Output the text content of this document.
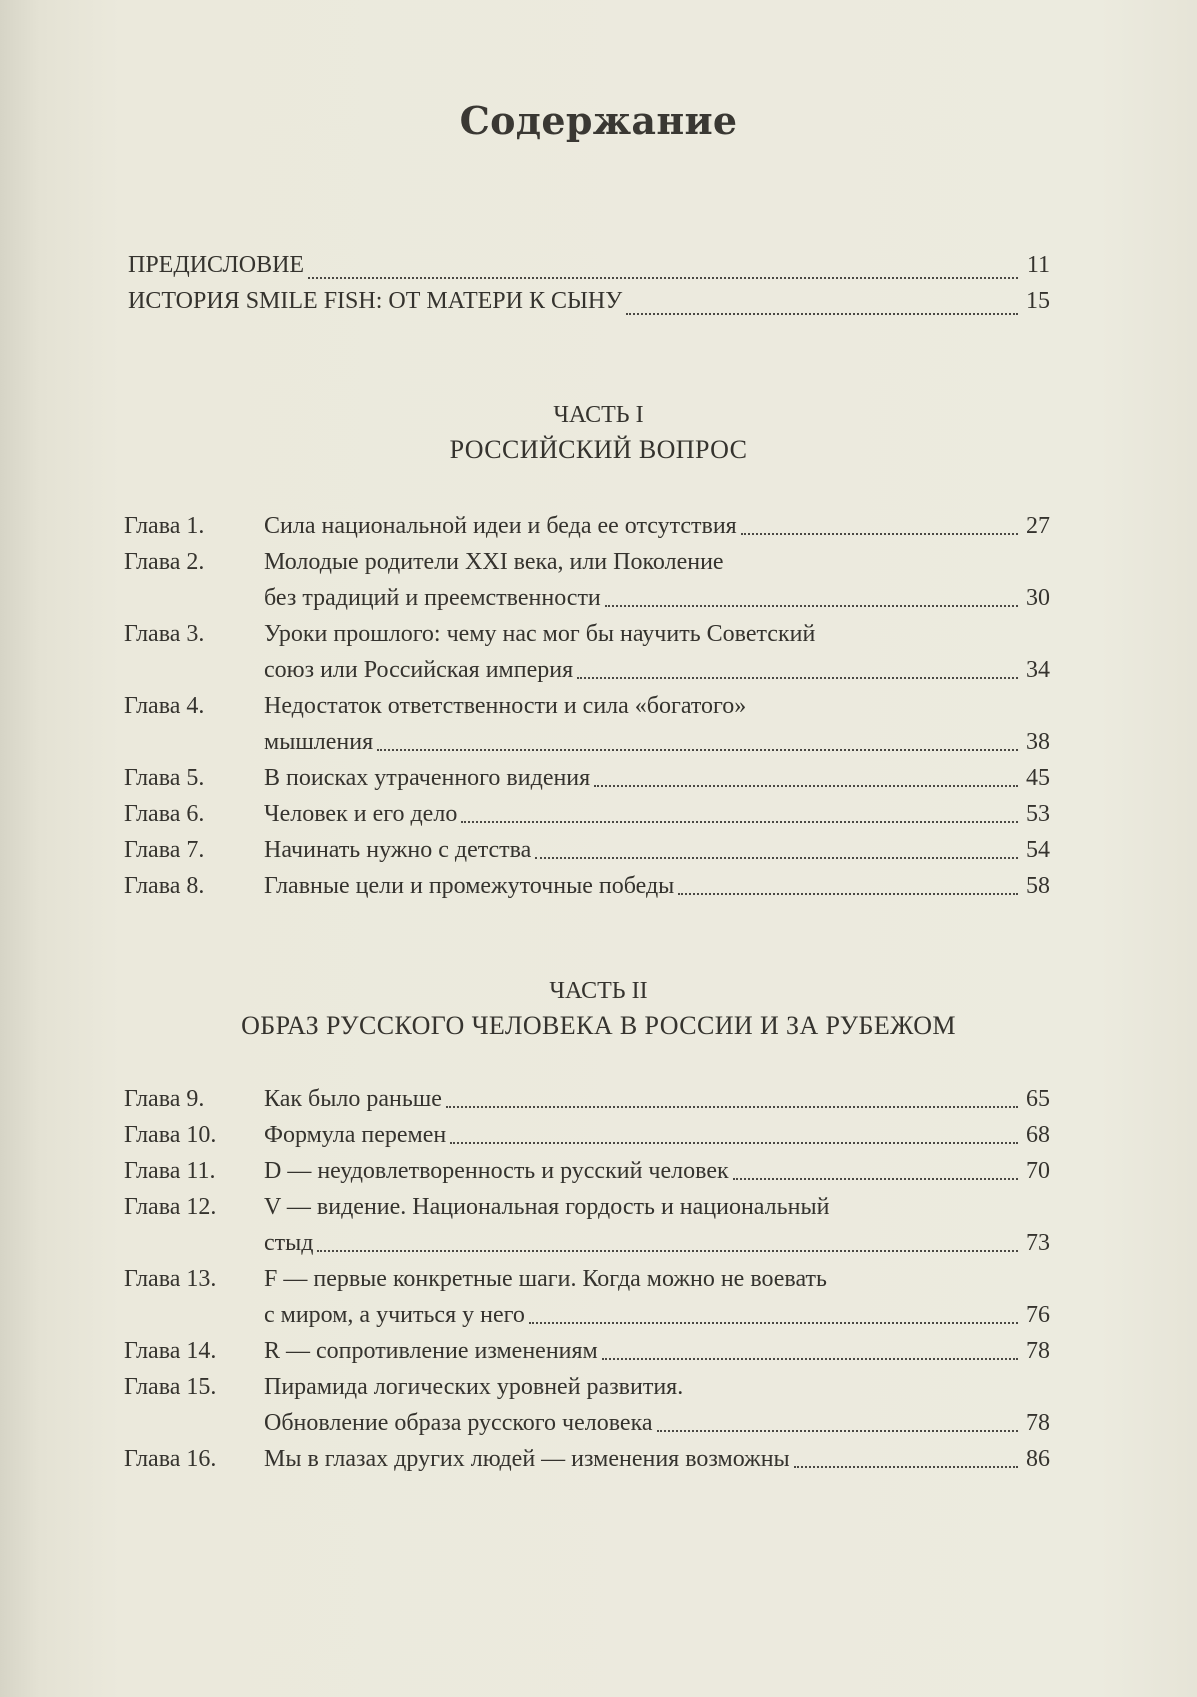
Содержание
ПРЕДИСЛОВИЕ	11
ИСТОРИЯ SMILE FISH: ОТ МАТЕРИ К СЫНУ	15
ЧАСТЬ I
РОССИЙСКИЙ ВОПРОС
Глава 1.	Сила национальной идеи и беда ее отсутствия	27
Глава 2.	Молодые родители XXI века, или Поколение
без традиций и преемственности	30
Глава 3.	Уроки прошлого: чему нас мог бы научить Советский
союз или Российская империя	34
Глава 4.	Недостаток ответственности и сила «богатого»
мышления	38
Глава 5.	В поисках утраченного видения	45
Глава 6.	Человек и его дело	53
Глава 7.	Начинать нужно с детства	54
Глава 8.	Главные цели и промежуточные победы	58
ЧАСТЬ II
ОБРАЗ РУССКОГО ЧЕЛОВЕКА В РОССИИ И ЗА РУБЕЖОМ
Глава 9.	Как было раньше	65
Глава 10.	Формула перемен	68
Глава 11.	D — неудовлетворенность и русский человек	70
Глава 12.	V — видение. Национальная гордость и национальный
стыд	73
Глава 13.	F — первые конкретные шаги. Когда можно не воевать
с миром, а учиться у него	76
Глава 14.	R — сопротивление изменениям	78
Глава 15.	Пирамида логических уровней развития.
Обновление образа русского человека	78
Глава 16.	Мы в глазах других людей — изменения возможны	86
